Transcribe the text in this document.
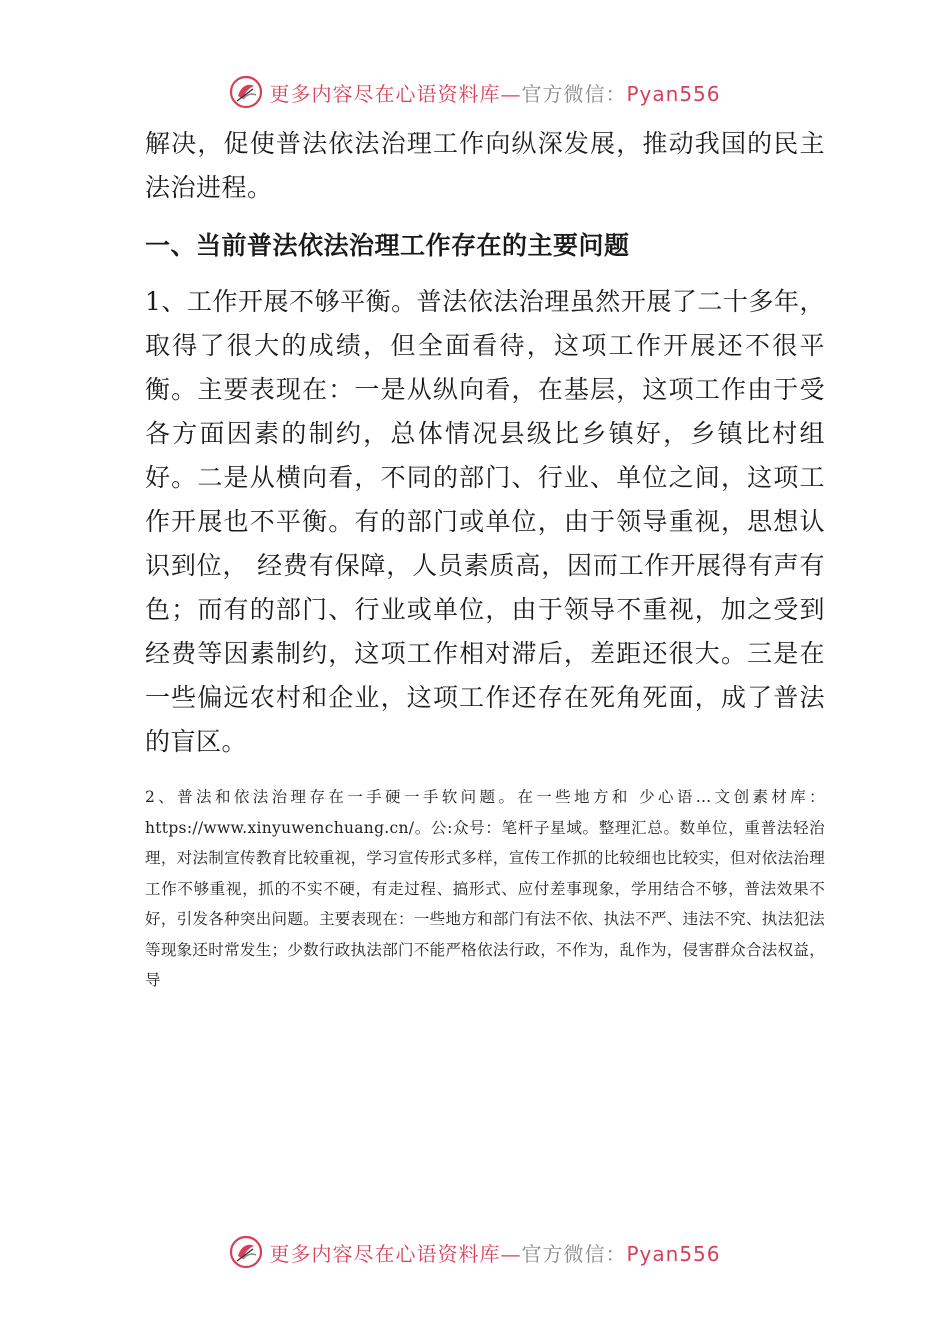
更多内容尽在心语资料库—官方微信：Pyan556

解决，促使普法依法治理工作向纵深发展，推动我国的民主法治进程。

一、当前普法依法治理工作存在的主要问题

1、工作开展不够平衡。普法依法治理虽然开展了二十多年，取得了很大的成绩，但全面看待，这项工作开展还不很平衡。主要表现在：一是从纵向看，在基层，这项工作由于受各方面因素的制约，总体情况县级比乡镇好，乡镇比村组好。二是从横向看，不同的部门、行业、单位之间，这项工作开展也不平衡。有的部门或单位，由于领导重视，思想认识到位， 经费有保障，人员素质高，因而工作开展得有声有色；而有的部门、行业或单位，由于领导不重视，加之受到经费等因素制约，这项工作相对滞后，差距还很大。三是在一些偏远农村和企业，这项工作还存在死角死面，成了普法的盲区。

2、普法和依法治理存在一手硬一手软问题。在一些地方和 少心语…文创素材库：https://www.xinyuwenchuang.cn/。公:众号：笔杆子星域。整理汇总。数单位，重普法轻治理，对法制宣传教育比较重视，学习宣传形式多样，宣传工作抓的比较细也比较实，但对依法治理工作不够重视，抓的不实不硬，有走过程、搞形式、应付差事现象，学用结合不够，普法效果不好，引发各种突出问题。主要表现在：一些地方和部门有法不依、执法不严、违法不究、执法犯法等现象还时常发生；少数行政执法部门不能严格依法行政，不作为，乱作为，侵害群众合法权益，导

更多内容尽在心语资料库—官方微信：Pyan556
